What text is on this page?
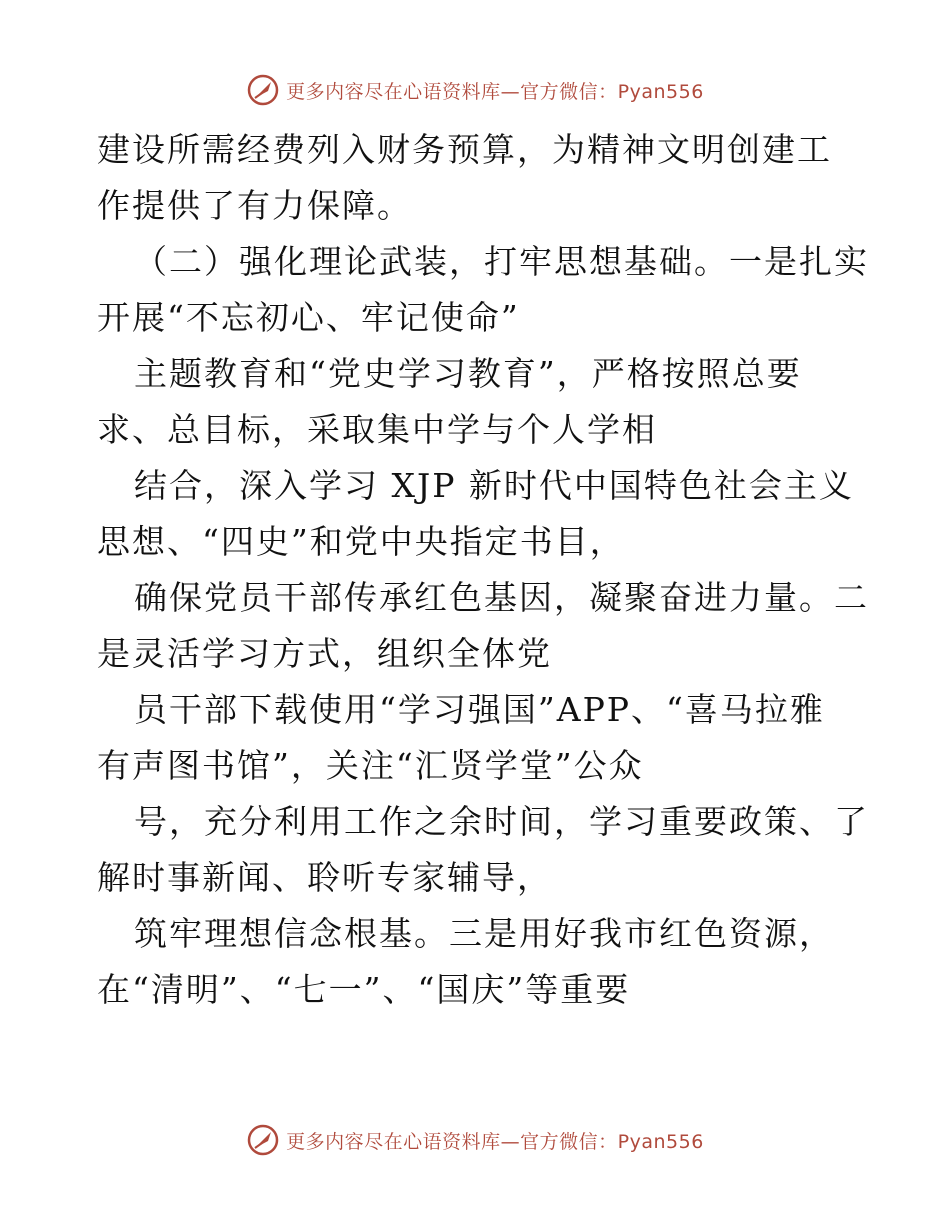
更多内容尽在心语资料库—官方微信：Pyan556
建设所需经费列入财务预算，为精神文明创建工
作提供了有力保障。
（二）强化理论武装，打牢思想基础。一是扎实
开展“不忘初心、牢记使命”
主题教育和“党史学习教育”，严格按照总要
求、总目标，采取集中学与个人学相
结合，深入学习 XJP 新时代中国特色社会主义
思想、“四史”和党中央指定书目，
确保党员干部传承红色基因，凝聚奋进力量。二
是灵活学习方式，组织全体党
员干部下载使用“学习强国”APP、“喜马拉雅
有声图书馆”，关注“汇贤学堂”公众
号，充分利用工作之余时间，学习重要政策、了
解时事新闻、聆听专家辅导，
筑牢理想信念根基。三是用好我市红色资源，
在“清明”、“七一”、“国庆”等重要
更多内容尽在心语资料库—官方微信：Pyan556
